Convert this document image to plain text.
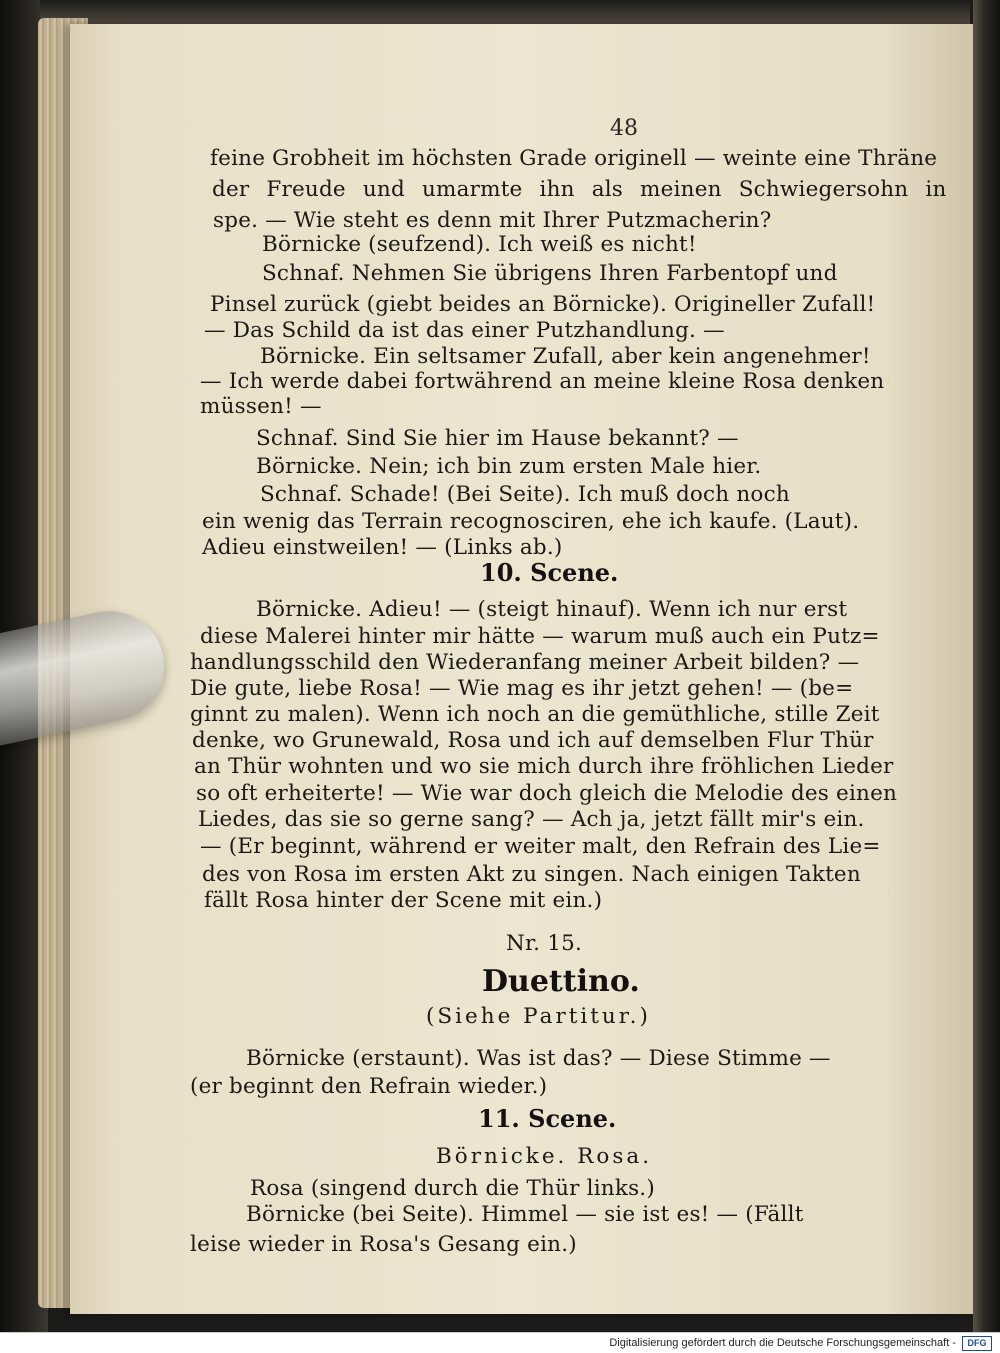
48
feine Grobheit im höchsten Grade originell — weinte eine Thräne
der Freude und umarmte ihn als meinen Schwiegersohn in
spe. — Wie steht es denn mit Ihrer Putzmacherin?
Börnicke (seufzend). Ich weiß es nicht!
Schnaf. Nehmen Sie übrigens Ihren Farbentopf und
Pinsel zurück (giebt beides an Börnicke). Origineller Zufall!
— Das Schild da ist das einer Putzhandlung. —
Börnicke. Ein seltsamer Zufall, aber kein angenehmer!
— Ich werde dabei fortwährend an meine kleine Rosa denken
müssen! —
Schnaf. Sind Sie hier im Hause bekannt? —
Börnicke. Nein; ich bin zum ersten Male hier.
Schnaf. Schade! (Bei Seite). Ich muß doch noch
ein wenig das Terrain recognosciren, ehe ich kaufe. (Laut).
Adieu einstweilen! — (Links ab.)
10. Scene.
Börnicke. Adieu! — (steigt hinauf). Wenn ich nur erst
diese Malerei hinter mir hätte — warum muß auch ein Putz=
handlungsschild den Wiederanfang meiner Arbeit bilden? —
Die gute, liebe Rosa! — Wie mag es ihr jetzt gehen! — (be=
ginnt zu malen). Wenn ich noch an die gemüthliche, stille Zeit
denke, wo Grunewald, Rosa und ich auf demselben Flur Thür
an Thür wohnten und wo sie mich durch ihre fröhlichen Lieder
so oft erheiterte! — Wie war doch gleich die Melodie des einen
Liedes, das sie so gerne sang? — Ach ja, jetzt fällt mir's ein.
— (Er beginnt, während er weiter malt, den Refrain des Lie=
des von Rosa im ersten Akt zu singen. Nach einigen Takten
fällt Rosa hinter der Scene mit ein.)
Nr. 15.
Duettino.
(Siehe Partitur.)
Börnicke (erstaunt). Was ist das? — Diese Stimme —
(er beginnt den Refrain wieder.)
11. Scene.
Börnicke. Rosa.
Rosa (singend durch die Thür links.)
Börnicke (bei Seite). Himmel — sie ist es! — (Fällt
leise wieder in Rosa's Gesang ein.)
Digitalisierung gefördert durch die Deutsche Forschungsgemeinschaft - DFG
